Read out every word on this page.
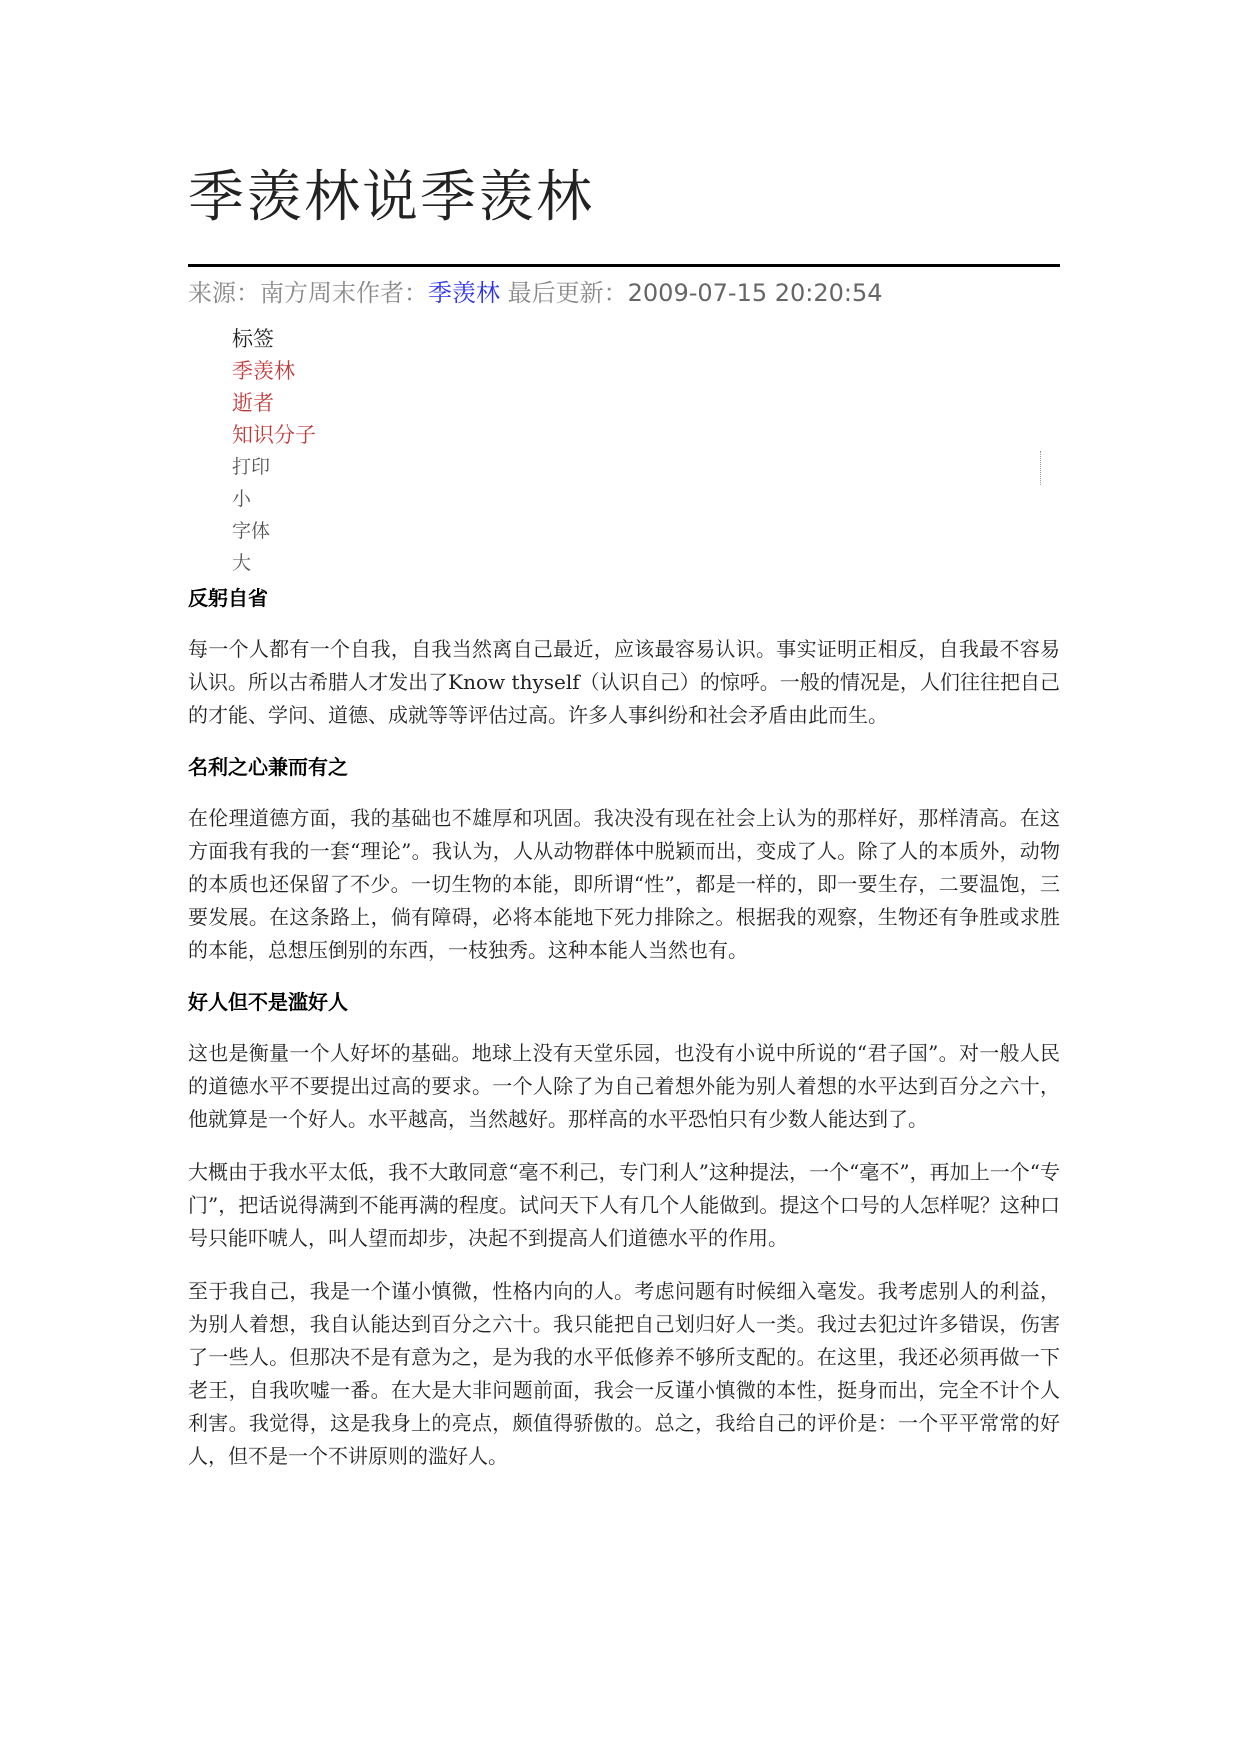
季羡林说季羡林
来源：南方周末作者：季羡林 最后更新：2009-07-15 20:20:54
标签
季羡林
逝者
知识分子
打印
小
字体
大
反躬自省

每一个人都有一个自我，自我当然离自己最近，应该最容易认识。事实证明正相反，自我最不容易认识。所以古希腊人才发出了Know thyself（认识自己）的惊呼。一般的情况是，人们往往把自己的才能、学问、道德、成就等等评估过高。许多人事纠纷和社会矛盾由此而生。

名利之心兼而有之

在伦理道德方面，我的基础也不雄厚和巩固。我决没有现在社会上认为的那样好，那样清高。在这方面我有我的一套“理论”。我认为，人从动物群体中脱颖而出，变成了人。除了人的本质外，动物的本质也还保留了不少。一切生物的本能，即所谓“性”，都是一样的，即一要生存，二要温饱，三要发展。在这条路上，倘有障碍，必将本能地下死力排除之。根据我的观察，生物还有争胜或求胜的本能，总想压倒别的东西，一枝独秀。这种本能人当然也有。

好人但不是滥好人

这也是衡量一个人好坏的基础。地球上没有天堂乐园，也没有小说中所说的“君子国”。对一般人民的道德水平不要提出过高的要求。一个人除了为自己着想外能为别人着想的水平达到百分之六十，他就算是一个好人。水平越高，当然越好。那样高的水平恐怕只有少数人能达到了。

大概由于我水平太低，我不大敢同意“毫不利己，专门利人”这种提法，一个“毫不”，再加上一个“专门”，把话说得满到不能再满的程度。试问天下人有几个人能做到。提这个口号的人怎样呢？这种口号只能吓唬人，叫人望而却步，决起不到提高人们道德水平的作用。

至于我自己，我是一个谨小慎微，性格内向的人。考虑问题有时候细入毫发。我考虑别人的利益，为别人着想，我自认能达到百分之六十。我只能把自己划归好人一类。我过去犯过许多错误，伤害了一些人。但那决不是有意为之，是为我的水平低修养不够所支配的。在这里，我还必须再做一下老王，自我吹嘘一番。在大是大非问题前面，我会一反谨小慎微的本性，挺身而出，完全不计个人利害。我觉得，这是我身上的亮点，颇值得骄傲的。总之，我给自己的评价是：一个平平常常的好人，但不是一个不讲原则的滥好人。
